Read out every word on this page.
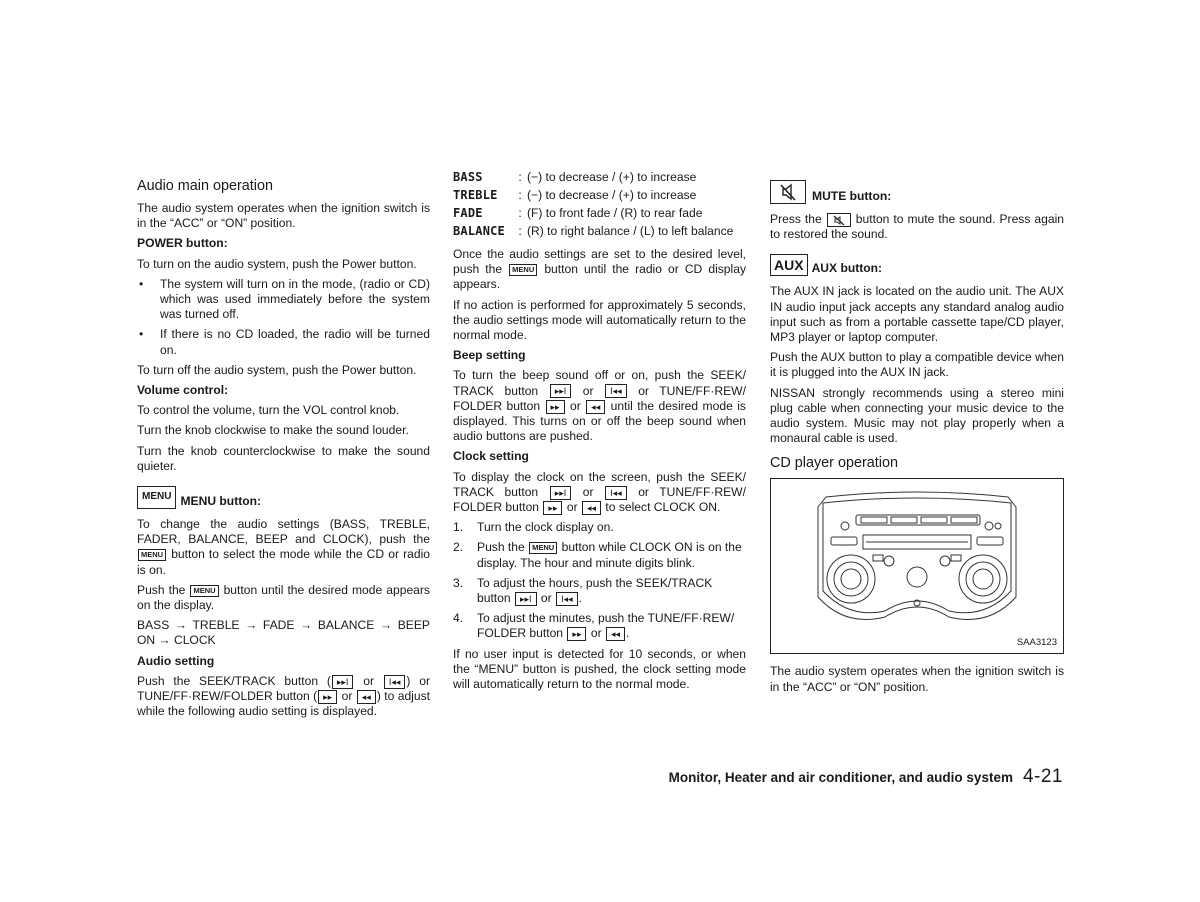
Audio main operation

The audio system operates when the ignition switch is in the “ACC” or “ON” position.

POWER button:

To turn on the audio system, push the Power button.

• The system will turn on in the mode, (radio or CD) which was used immediately before the system was turned off.
• If there is no CD loaded, the radio will be turned on.

To turn off the audio system, push the Power button.

Volume control:

To control the volume, turn the VOL control knob.

Turn the knob clockwise to make the sound louder.

Turn the knob counterclockwise to make the sound quieter.

MENU MENU button:

To change the audio settings (BASS, TREBLE, FADER, BALANCE, BEEP and CLOCK), push the MENU button to select the mode while the CD or radio is on.

Push the MENU button until the desired mode appears on the display.

BASS → TREBLE → FADE → BALANCE → BEEP ON → CLOCK

Audio setting

Push the SEEK/TRACK button ( ▸▸I or I◂◂ ) or TUNE/FF·REW/FOLDER button ( ▸▸ or ◂◂ ) to adjust while the following audio setting is displayed.

BASS	:	(−) to decrease / (+) to increase
TREBLE	:	(−) to decrease / (+) to increase
FADE	:	(F) to front fade / (R) to rear fade
BALANCE	:	(R) to right balance / (L) to left balance

Once the audio settings are set to the desired level, push the MENU button until the radio or CD display appears.

If no action is performed for approximately 5 seconds, the audio settings mode will automatically return to the normal mode.

Beep setting

To turn the beep sound off or on, push the SEEK/ TRACK button ▸▸I or I◂◂ or TUNE/FF·REW/ FOLDER button ▸▸ or ◂◂ until the desired mode is displayed. This turns on or off the beep sound when audio buttons are pushed.

Clock setting

To display the clock on the screen, push the SEEK/ TRACK button ▸▸I or I◂◂ or TUNE/FF·REW/ FOLDER button ▸▸ or ◂◂ to select CLOCK ON.

1. Turn the clock display on.
2. Push the MENU button while CLOCK ON is on the display. The hour and minute digits blink.
3. To adjust the hours, push the SEEK/TRACK button ▸▸I or I◂◂ .
4. To adjust the minutes, push the TUNE/FF·REW/ FOLDER button ▸▸ or ◂◂ .

If no user input is detected for 10 seconds, or when the “MENU” button is pushed, the clock setting mode will automatically return to the normal mode.

MUTE button:

Press the	button to mute the sound. Press again to restored the sound.

AUX AUX button:

The AUX IN jack is located on the audio unit. The AUX IN audio input jack accepts any standard analog audio input such as from a portable cassette tape/CD player, MP3 player or laptop computer.

Push the AUX button to play a compatible device when it is plugged into the AUX IN jack.

NISSAN strongly recommends using a stereo mini plug cable when connecting your music device to the audio system. Music may not play properly when a monaural cable is used.

CD player operation
SAA3123

The audio system operates when the ignition switch is in the “ACC” or “ON” position.

Monitor, Heater and air conditioner, and audio system 4-21
